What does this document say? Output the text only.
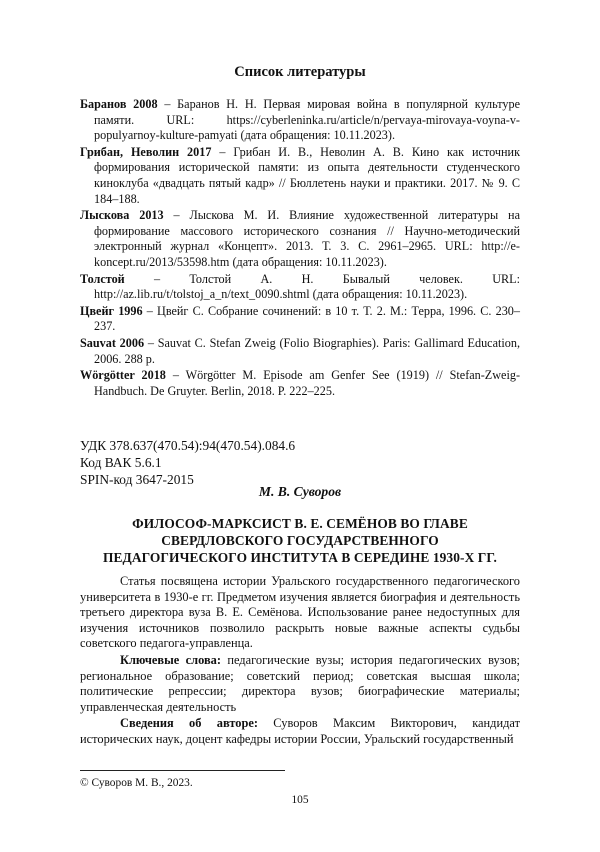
Список литературы

Баранов 2008 – Баранов Н. Н. Первая мировая война в популярной культуре памяти. URL: https://cyberleninka.ru/article/n/pervaya-mirovaya-voyna-v-populyarnoy-kulture-pamyati (дата обращения: 10.11.2023).

Грибан, Неволин 2017 – Грибан И. В., Неволин А. В. Кино как источник формирования исторической памяти: из опыта деятельности студенческого киноклуба «двадцать пятый кадр» // Бюллетень науки и практики. 2017. № 9. С 184–188.

Лыскова 2013 – Лыскова М. И. Влияние художественной литературы на формирование массового исторического сознания // Научно-методический электронный журнал «Концепт». 2013. Т. 3. С. 2961–2965. URL: http://e-koncept.ru/2013/53598.htm (дата обращения: 10.11.2023).

Толстой – Толстой А. Н. Бывалый человек. URL: http://az.lib.ru/t/tolstoj_a_n/text_0090.shtml (дата обращения: 10.11.2023).

Цвейг 1996 – Цвейг С. Собрание сочинений: в 10 т. Т. 2. М.: Терра, 1996. С. 230–237.

Sauvat 2006 – Sauvat C. Stefan Zweig (Folio Biographies). Paris: Gallimard Education, 2006. 288 p.

Wörgötter 2018 – Wörgötter M. Episode am Genfer See (1919) // Stefan-Zweig-Handbuch. De Gruyter. Berlin, 2018. P. 222–225.

УДК 378.637(470.54):94(470.54).084.6
Код ВАК 5.6.1
SPIN-код 3647-2015
М. В. Суворов
ФИЛОСОФ-МАРКСИСТ В. Е. СЕМЁНОВ ВО ГЛАВЕ
СВЕРДЛОВСКОГО ГОСУДАРСТВЕННОГО
ПЕДАГОГИЧЕСКОГО ИНСТИТУТА В СЕРЕДИНЕ 1930-Х ГГ.

Статья посвящена истории Уральского государственного педагогического университета в 1930-е гг. Предметом изучения является биография и деятельность третьего директора вуза В. Е. Семёнова. Использование ранее недоступных для изучения источников позволило раскрыть новые важные аспекты судьбы советского педагога-управленца.

Ключевые слова: педагогические вузы; история педагогических вузов; региональное образование; советский период; советская высшая школа; политические репрессии; директора вузов; биографические материалы; управленческая деятельность

Сведения об авторе: Суворов Максим Викторович, кандидат исторических наук, доцент кафедры истории России, Уральский государственный

© Суворов М. В., 2023.
105
